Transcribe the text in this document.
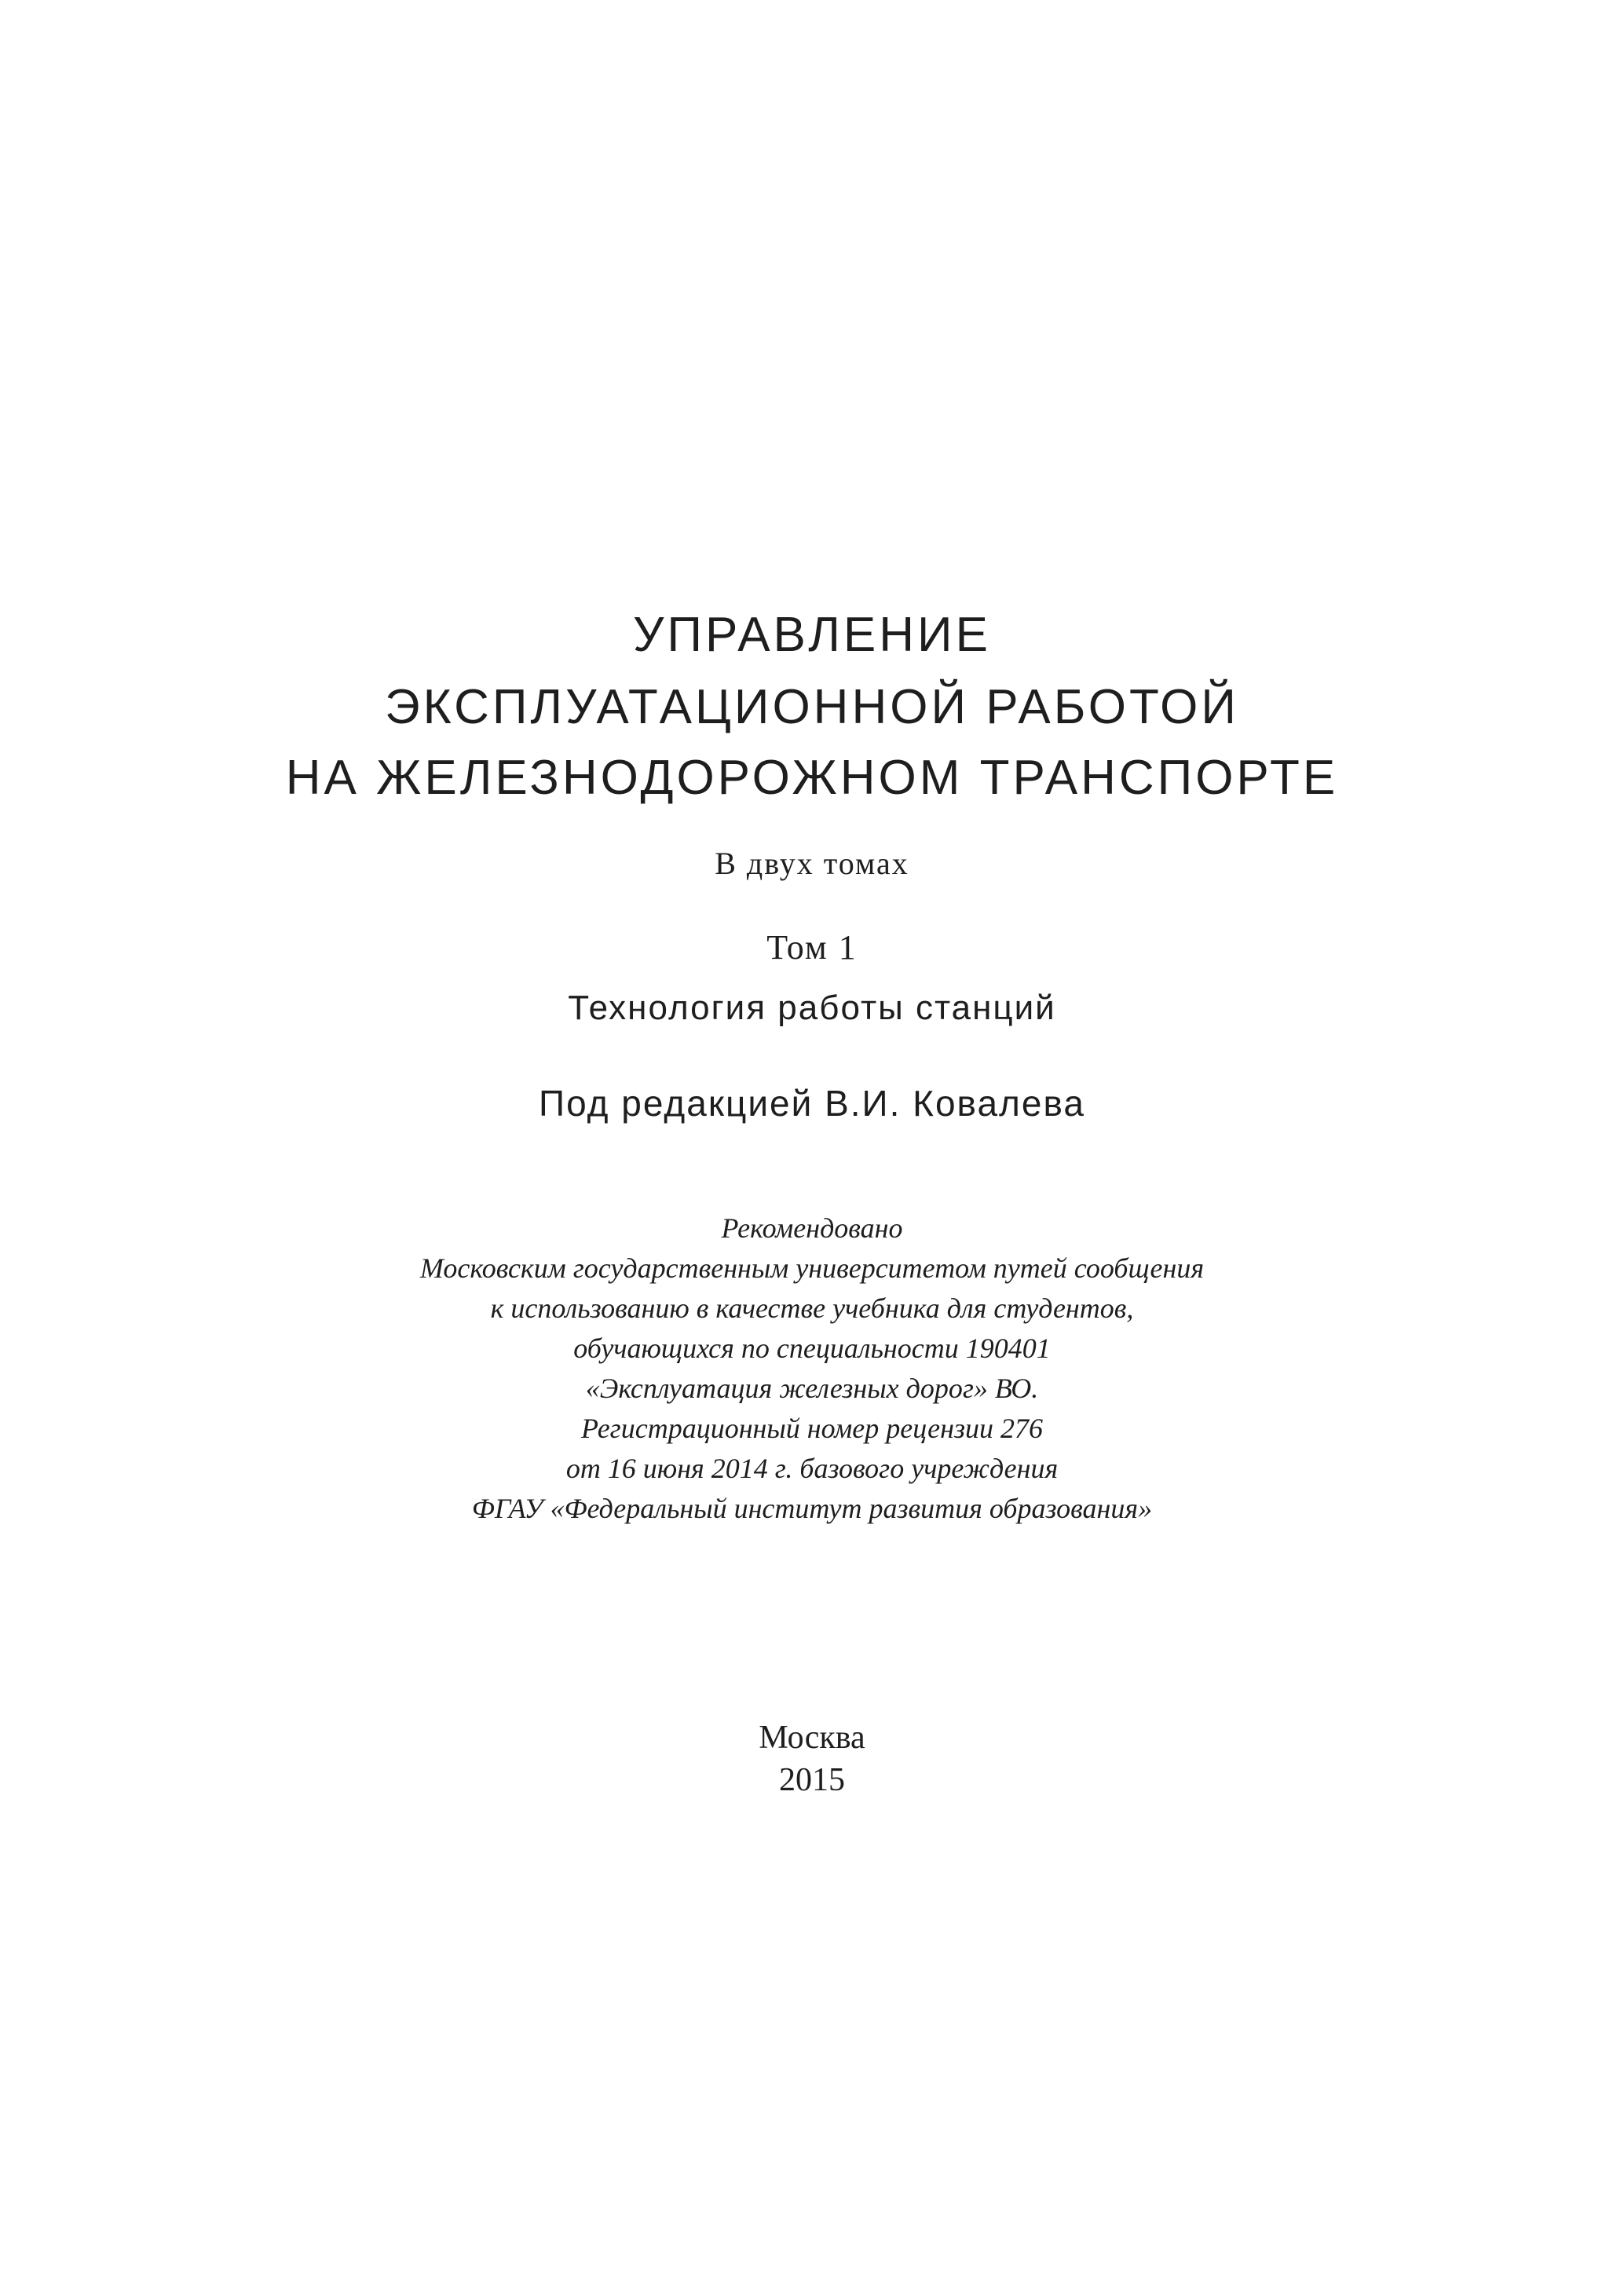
УПРАВЛЕНИЕ
ЭКСПЛУАТАЦИОННОЙ РАБОТОЙ
НА ЖЕЛЕЗНОДОРОЖНОМ ТРАНСПОРТЕ
В двух томах
Том 1
Технология работы станций
Под редакцией В.И. Ковалева
Рекомендовано
Московским государственным университетом путей сообщения
к использованию в качестве учебника для студентов,
обучающихся по специальности 190401
«Эксплуатация железных дорог» ВО.
Регистрационный номер рецензии 276
от 16 июня 2014 г. базового учреждения
ФГАУ «Федеральный институт развития образования»
Москва
2015
